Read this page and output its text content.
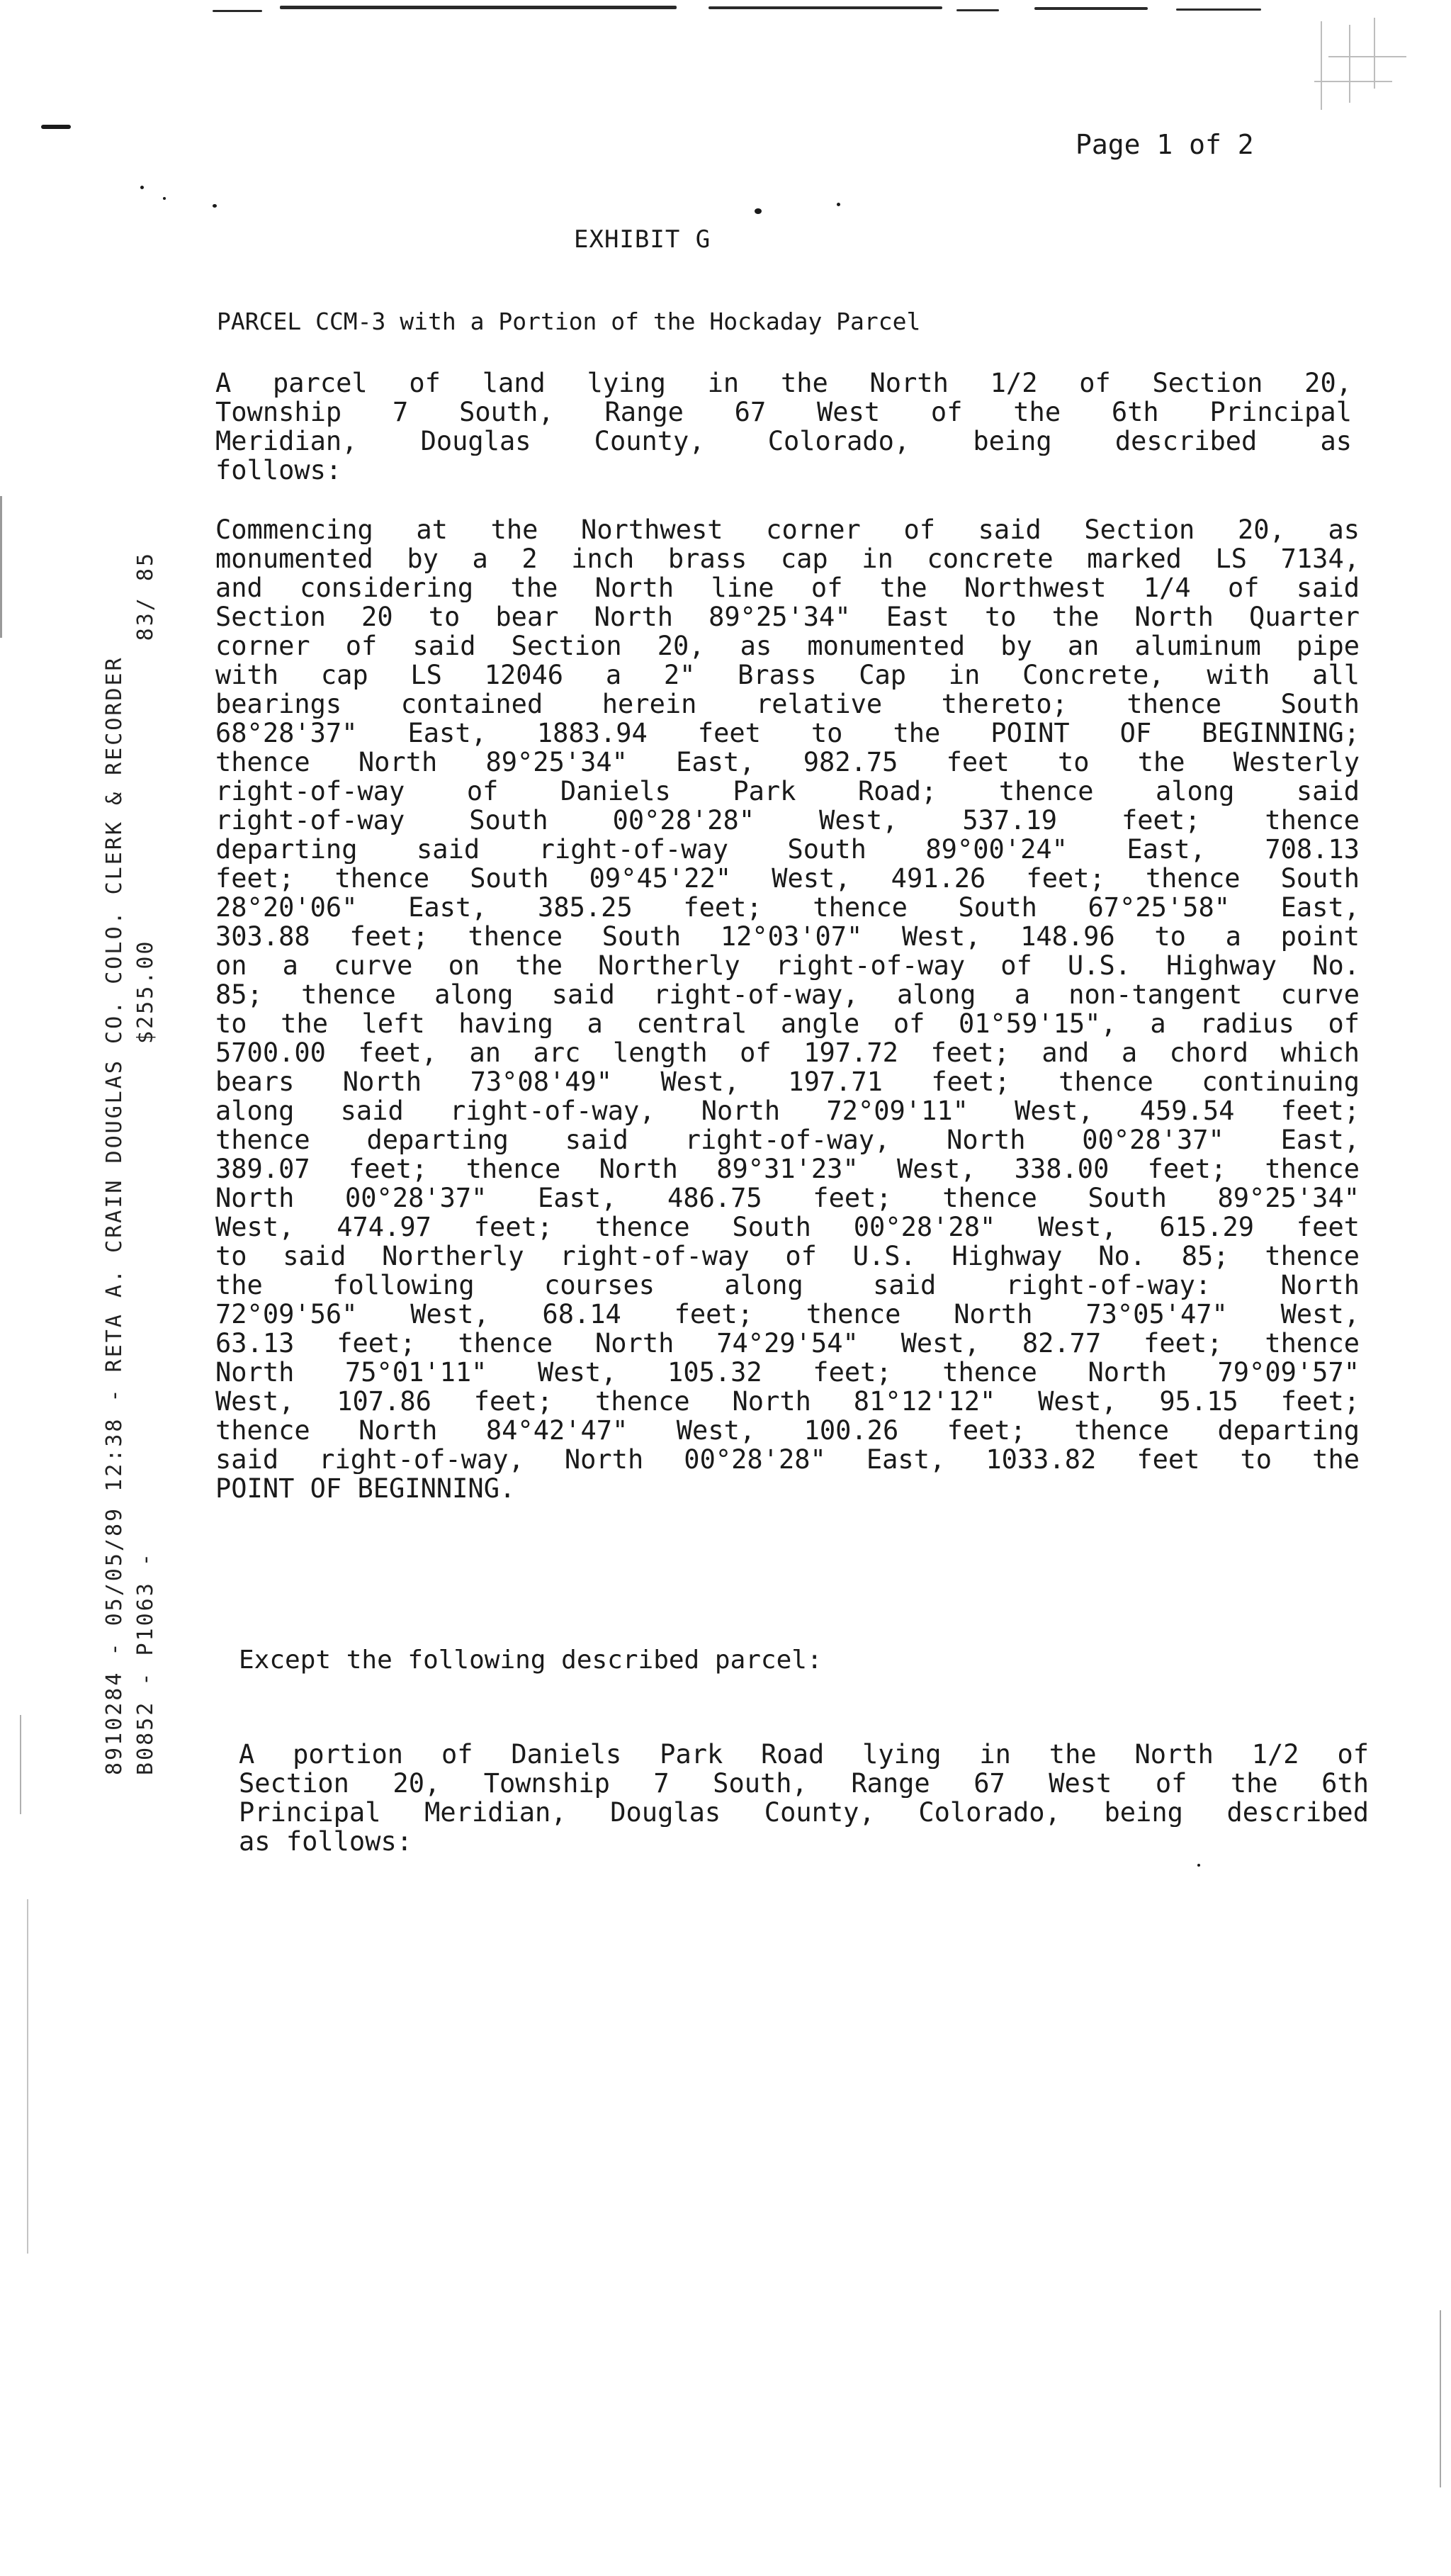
Page 1 of 2
EXHIBIT G
PARCEL CCM-3 with a Portion of the Hockaday Parcel
A parcel of land lying in the North 1/2 of Section 20,
Township 7 South, Range 67 West of the 6th Principal
Meridian, Douglas County, Colorado, being described as
follows:
Commencing at the Northwest corner of said Section 20, as
monumented by a 2 inch brass cap in concrete marked LS 7134,
and considering the North line of the Northwest 1/4 of said
Section 20 to bear North 89°25'34" East to the North Quarter
corner of said Section 20, as monumented by an aluminum pipe
with cap LS 12046 a 2" Brass Cap in Concrete, with all
bearings contained herein relative thereto; thence South
68°28'37" East, 1883.94 feet to the POINT OF BEGINNING;
thence North 89°25'34" East, 982.75 feet to the Westerly
right-of-way of Daniels Park Road; thence along said
right-of-way South 00°28'28" West, 537.19 feet; thence
departing said right-of-way South 89°00'24" East, 708.13
feet; thence South 09°45'22" West, 491.26 feet; thence South
28°20'06" East, 385.25 feet; thence South 67°25'58" East,
303.88 feet; thence South 12°03'07" West, 148.96 to a point
on a curve on the Northerly right-of-way of U.S. Highway No.
85; thence along said right-of-way, along a non-tangent curve
to the left having a central angle of 01°59'15", a radius of
5700.00 feet, an arc length of 197.72 feet; and a chord which
bears North 73°08'49" West, 197.71 feet; thence continuing
along said right-of-way, North 72°09'11" West, 459.54 feet;
thence departing said right-of-way, North 00°28'37" East,
389.07 feet; thence North 89°31'23" West, 338.00 feet; thence
North 00°28'37" East, 486.75 feet; thence South 89°25'34"
West, 474.97 feet; thence South 00°28'28" West, 615.29 feet
to said Northerly right-of-way of U.S. Highway No. 85; thence
the following courses along said right-of-way: North
72°09'56" West, 68.14 feet; thence North 73°05'47" West,
63.13 feet; thence North 74°29'54" West, 82.77 feet; thence
North 75°01'11" West, 105.32 feet; thence North 79°09'57"
West, 107.86 feet; thence North 81°12'12" West, 95.15 feet;
thence North 84°42'47" West, 100.26 feet; thence departing
said right-of-way, North 00°28'28" East, 1033.82 feet to the
POINT OF BEGINNING.
Except the following described parcel:
A portion of Daniels Park Road lying in the North 1/2 of
Section 20, Township 7 South, Range 67 West of the 6th
Principal Meridian, Douglas County, Colorado, being described
as follows:
8910284 - 05/05/89 12:38 - RETA A. CRAIN DOUGLAS CO. COLO. CLERK & RECORDER B0852 - P1063 -                                  $255.00                    83/ 85
